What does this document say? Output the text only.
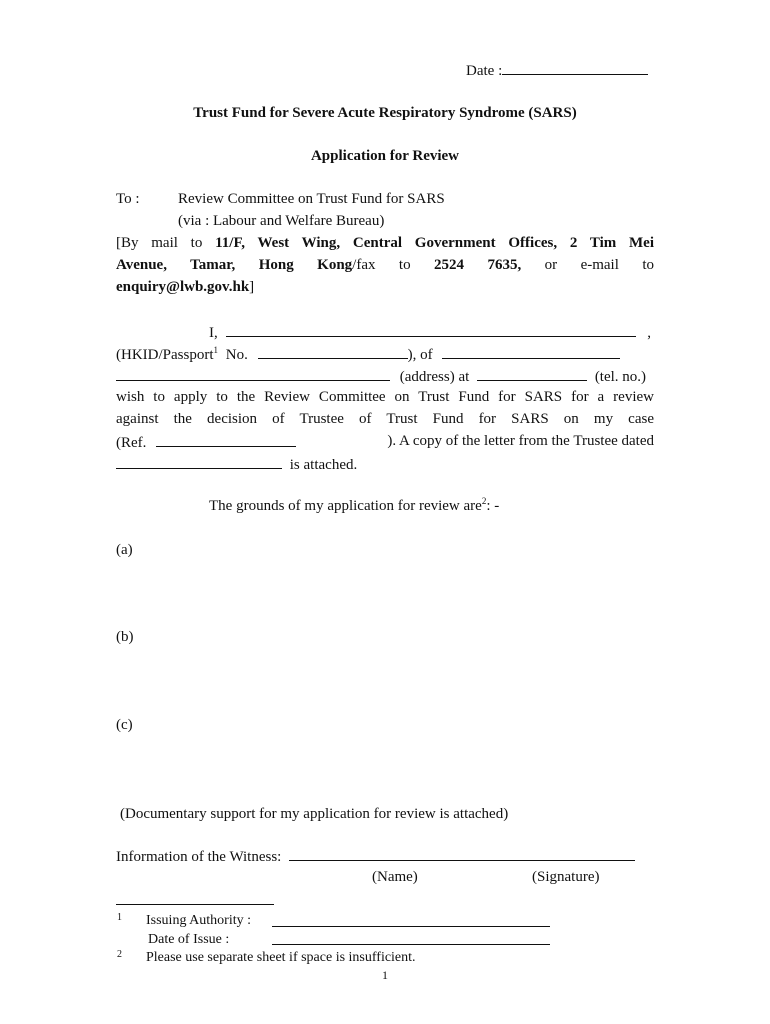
Date :
Trust Fund for Severe Acute Respiratory Syndrome (SARS)
Application for Review
To :	Review Committee on Trust Fund for SARS
(via : Labour and Welfare Bureau)
[By mail to 11/F, West Wing, Central Government Offices, 2 Tim Mei
Avenue, Tamar, Hong Kong/fax to 2524 7635, or e-mail to
enquiry@lwb.gov.hk]
I,	,
(HKID/Passport$^1$ No.	), of
(address) at	(tel. no.)
wish to apply to the Review Committee on Trust Fund for SARS for a review
against the decision of Trustee of Trust Fund for SARS on my case
(Ref.	). A copy of the letter from the Trustee dated
is attached.
The grounds of my application for review are$^2$: -
(a)
(b)
(c)
(Documentary support for my application for review is attached)
Information of the Witness:
(Name)	(Signature)
1 Issuing Authority :
Date of Issue :
2 Please use separate sheet if space is insufficient.
1
